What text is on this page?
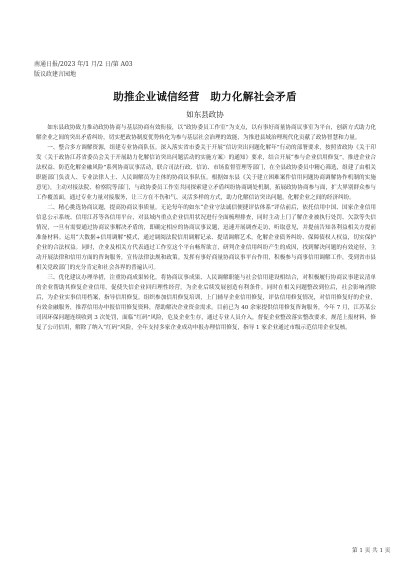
南通日报/2023 年/1 月/2 日/第 A03
版议政建言园地
助推企业诚信经营　助力化解社会矛盾
如东县政协

如东县政协致力推动政协协商与基层协商有效衔接，以“政协委员工作室”为支点，以有事好商量协商议事室为平台，创新方式助力化解企业之间的突出矛盾纠纷，切实把政协制度优势转化为参与基层社会治理的效能，为推进县域治理现代化贡献了政协智慧和力量。

一、整合多方调解资源，组建专业协商队伍。深入落实省市委关于开展“信访突出问题化解年”行动的部署要求，按照省政协《关于印发〈关于政协江苏省委员会关于开展助力化解信访突出问题活动的实施方案〉的通知》要求，结合开展“参与企业信用修复”，推进企业合法权益、防范化解金融风险”系列协商议事活动，联合司法行政、信访、市场监督管理等部门，在全县政协委员中精心筛选，组建了由相关职能部门负责人、专业法律人士、人民调解员为主体的协商议事队伍。根据如东县《关于建立困难案件信用问题协商调解协作机制的实施意见》，主动对接法院、检察院等部门，与政协委员工作室共同探索建立矛盾纠纷协商调处机制，拓展政协协商参与面，扩大界别群众参与工作覆盖面，通过专业力量对接服务，让三方在不伤和气、灵活多样的方式，助力化解信访突出问题，化解企业之间的经济纠纷。

二、精心挑选协商议题，提高协商议事质量。无论每年的如东“企业守法诚信便捷评估体系”评估前后，依托信用中国、国家企业信用信息公示系统、信用江苏等各信用平台，对县域内重点企业信用状况进行全面梳理排查，同时主动上门了解企业被执行处罚、欠款等失信情况，一旦有需要通过协商议事解决矛盾的，即确定相应的协商议事议题，迅速开展调查走访，听取意见，并提前告知各利益相关方提前准备材料。运用“大数据+信用调解”模式，通过调阅法院信用调解记录、提请调解艺术，化解企业债务纠纷、保障债权人权益，切实保护企业的合法权益。同时，企业及相关方代表通过工作室这个平台畅所欲言，研判企业信用纠纷产生的成因，找到解决问题的有效途径，主动开展法律和信用方面的咨询服务，宣传法律法规和政策。发挥有事好商量协商议事平台作用，积极参与商事信用调解工作，受到省市县相关党政部门的充分肯定和社会各界的普遍认可。

三、优化建议办理举措，注重协商成果转化。将协商议事成果、人民调解职能与社会信用建设相结合，对积极履行协商议事建议清单的企业帮助其修复企业信用，促使失信企业回归理性经营，为企业后续发展创造有利条件。同时在相关问题整改到位后，社会影响消除后，为企业实事信用档案，指导信用修复。组织参加信用修复培训，上门辅导企业信用修复，评估信用修复情况，对信用修复好的企业，有效金融服务，推荐信用办申报信用修复资料，帮助解决企业资金需求。目前已为 40 余家提供信用修复咨询服务，今年 7 月，江苏某公司因环保问题连续收到 3 次处罚，面临“红码”风险，危及企业生存，通过专业人员介入，督促企业整改落实整改要求，规范上报材料，修复了公司信用，解除了纳入“红码”风险，全年支持多家企业成功申报办理信用修复，指导 1 家企业通过市级示范信用企业复核。

第 1 页 共 1 页
